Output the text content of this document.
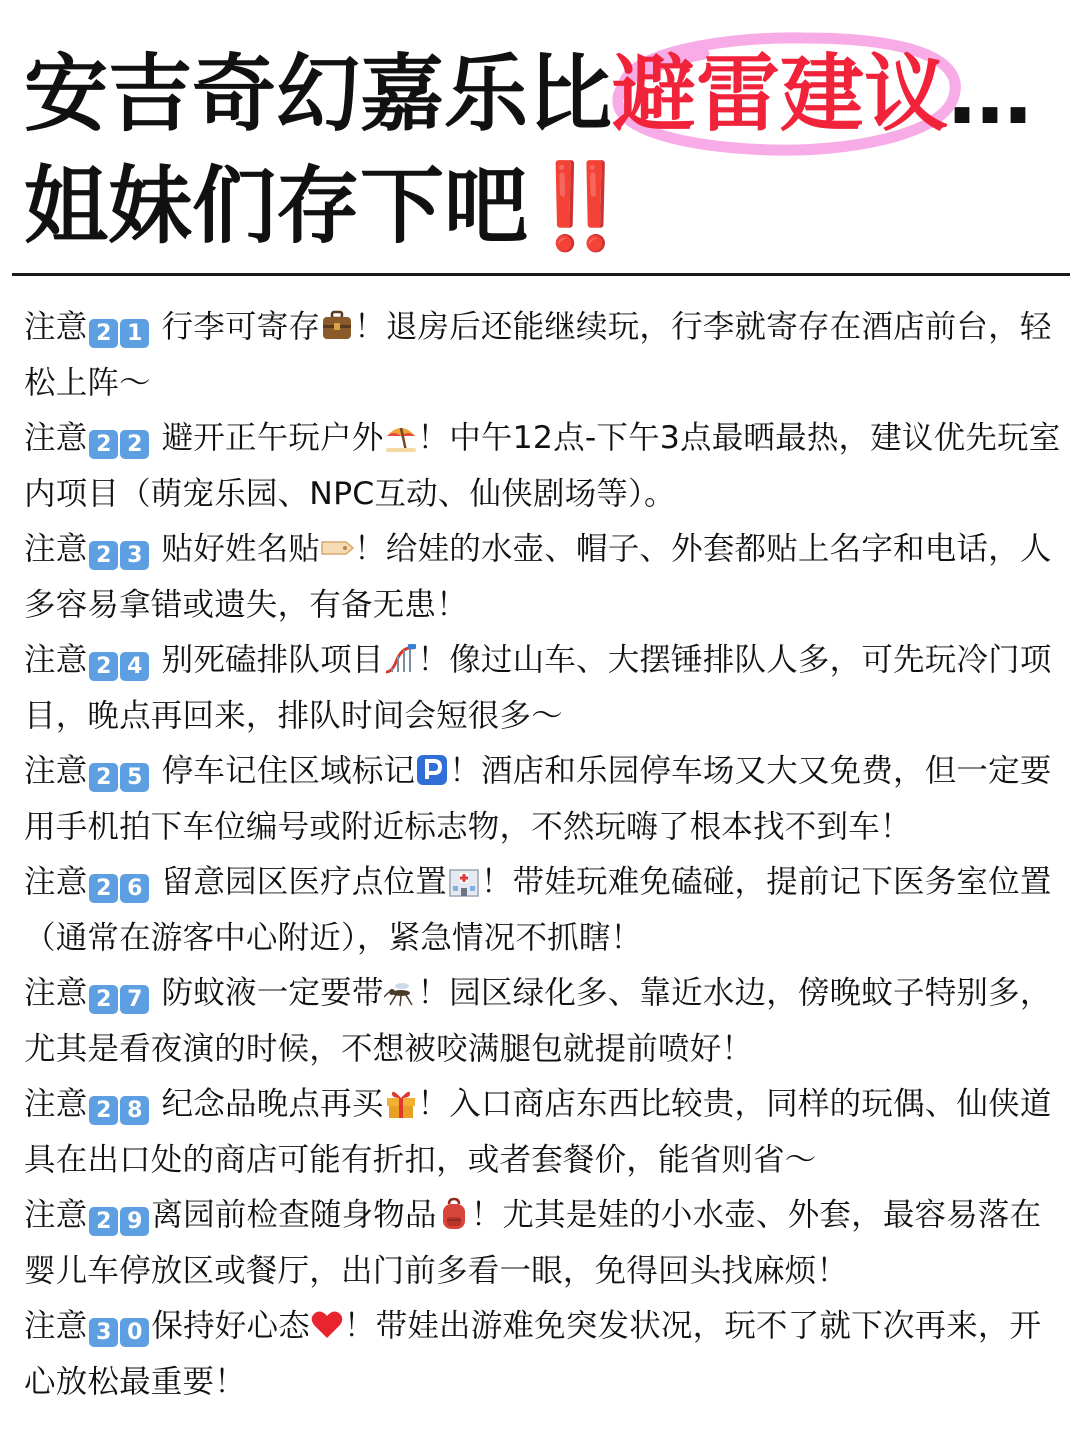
安吉奇幻嘉乐比
避雷建议…
姐妹们存下吧‼️
注意 2 1 行李可寄存 ！退房后还能继续玩，行李就寄存在酒店前台，轻松上阵～
注意 2 2 避开正午玩户外 ！中午12点-下午3点最晒最热，建议优先玩室内项目（萌宠乐园、NPC互动、仙侠剧场等）。
注意 2 3 贴好姓名贴 ！给娃的水壶、帽子、外套都贴上名字和电话，人多容易拿错或遗失，有备无患！
注意 2 4 别死磕排队项目 ！像过山车、大摆锤排队人多，可先玩冷门项目，晚点再回来，排队时间会短很多～
注意 2 5 停车记住区域标记 ！酒店和乐园停车场又大又免费，但一定要用手机拍下车位编号或附近标志物，不然玩嗨了根本找不到车！
注意 2 6 留意园区医疗点位置 ！带娃玩难免磕碰，提前记下医务室位置（通常在游客中心附近），紧急情况不抓瞎！
注意 2 7 防蚊液一定要带 ！园区绿化多、靠近水边，傍晚蚊子特别多，尤其是看夜演的时候，不想被咬满腿包就提前喷好！
注意 2 8 纪念品晚点再买 ！入口商店东西比较贵，同样的玩偶、仙侠道具在出口处的商店可能有折扣，或者套餐价，能省则省～
注意 2 9 离园前检查随身物品 ！尤其是娃的小水壶、外套，最容易落在婴儿车停放区或餐厅，出门前多看一眼，免得回头找麻烦！
注意 3 0 保持好心态 ！带娃出游难免突发状况，玩不了就下次再来，开心放松最重要！
